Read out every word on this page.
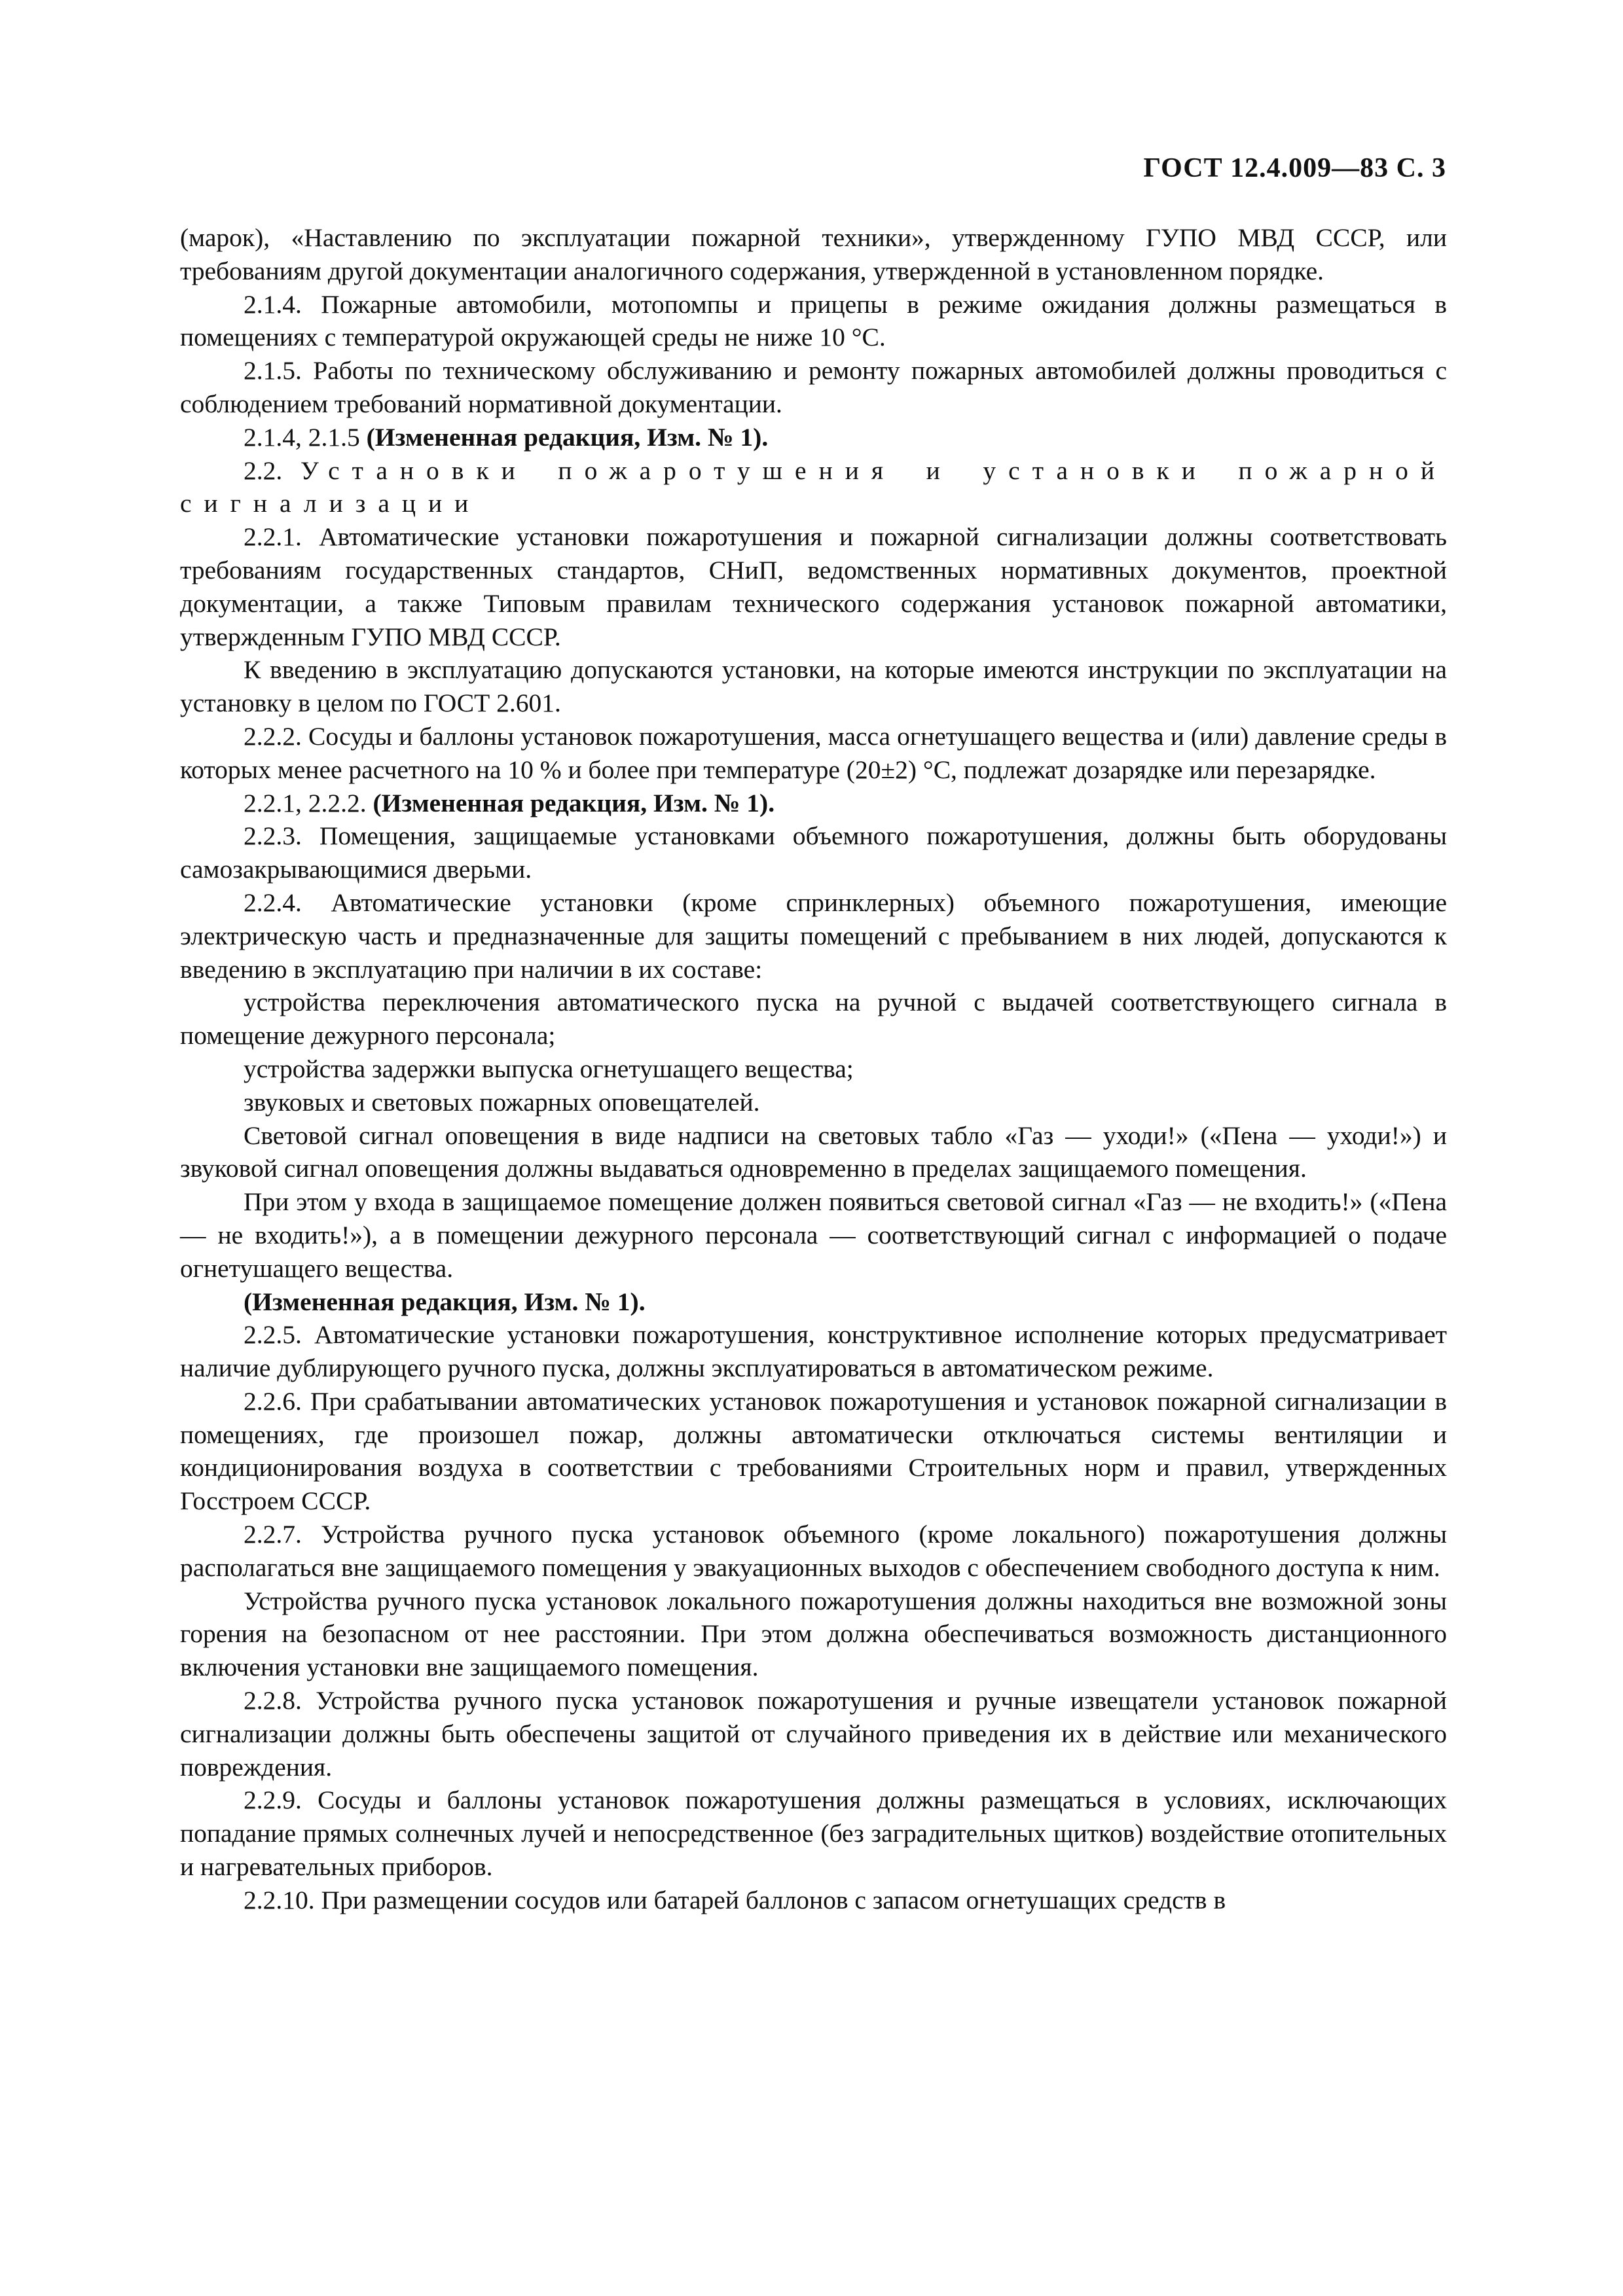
ГОСТ 12.4.009—83 С. 3

(марок), «Наставлению по эксплуатации пожарной техники», утвержденному ГУПО МВД СССР, или требованиям другой документации аналогичного содержания, утвержденной в установленном порядке.

2.1.4. Пожарные автомобили, мотопомпы и прицепы в режиме ожидания должны размещаться в помещениях с температурой окружающей среды не ниже 10 °С.

2.1.5. Работы по техническому обслуживанию и ремонту пожарных автомобилей должны проводиться с соблюдением требований нормативной документации.

2.1.4, 2.1.5 (Измененная редакция, Изм. № 1).

2.2. Установки пожаротушения и установки пожарной сигнализации

2.2.1. Автоматические установки пожаротушения и пожарной сигнализации должны соответствовать требованиям государственных стандартов, СНиП, ведомственных нормативных документов, проектной документации, а также Типовым правилам технического содержания установок пожарной автоматики, утвержденным ГУПО МВД СССР.

К введению в эксплуатацию допускаются установки, на которые имеются инструкции по эксплуатации на установку в целом по ГОСТ 2.601.

2.2.2. Сосуды и баллоны установок пожаротушения, масса огнетушащего вещества и (или) давление среды в которых менее расчетного на 10 % и более при температуре (20±2) °С, подлежат дозарядке или перезарядке.

2.2.1, 2.2.2. (Измененная редакция, Изм. № 1).

2.2.3. Помещения, защищаемые установками объемного пожаротушения, должны быть оборудованы самозакрывающимися дверьми.

2.2.4. Автоматические установки (кроме спринклерных) объемного пожаротушения, имеющие электрическую часть и предназначенные для защиты помещений с пребыванием в них людей, допускаются к введению в эксплуатацию при наличии в их составе:

устройства переключения автоматического пуска на ручной с выдачей соответствующего сигнала в помещение дежурного персонала;

устройства задержки выпуска огнетушащего вещества;

звуковых и световых пожарных оповещателей.

Световой сигнал оповещения в виде надписи на световых табло «Газ — уходи!» («Пена — уходи!») и звуковой сигнал оповещения должны выдаваться одновременно в пределах защищаемого помещения.

При этом у входа в защищаемое помещение должен появиться световой сигнал «Газ — не входить!» («Пена — не входить!»), а в помещении дежурного персонала — соответствующий сигнал с информацией о подаче огнетушащего вещества.

(Измененная редакция, Изм. № 1).

2.2.5. Автоматические установки пожаротушения, конструктивное исполнение которых предусматривает наличие дублирующего ручного пуска, должны эксплуатироваться в автоматическом режиме.

2.2.6. При срабатывании автоматических установок пожаротушения и установок пожарной сигнализации в помещениях, где произошел пожар, должны автоматически отключаться системы вентиляции и кондиционирования воздуха в соответствии с требованиями Строительных норм и правил, утвержденных Госстроем СССР.

2.2.7. Устройства ручного пуска установок объемного (кроме локального) пожаротушения должны располагаться вне защищаемого помещения у эвакуационных выходов с обеспечением свободного доступа к ним.

Устройства ручного пуска установок локального пожаротушения должны находиться вне возможной зоны горения на безопасном от нее расстоянии. При этом должна обеспечиваться возможность дистанционного включения установки вне защищаемого помещения.

2.2.8. Устройства ручного пуска установок пожаротушения и ручные извещатели установок пожарной сигнализации должны быть обеспечены защитой от случайного приведения их в действие или механического повреждения.

2.2.9. Сосуды и баллоны установок пожаротушения должны размещаться в условиях, исключающих попадание прямых солнечных лучей и непосредственное (без заградительных щитков) воздействие отопительных и нагревательных приборов.

2.2.10. При размещении сосудов или батарей баллонов с запасом огнетушащих средств в
